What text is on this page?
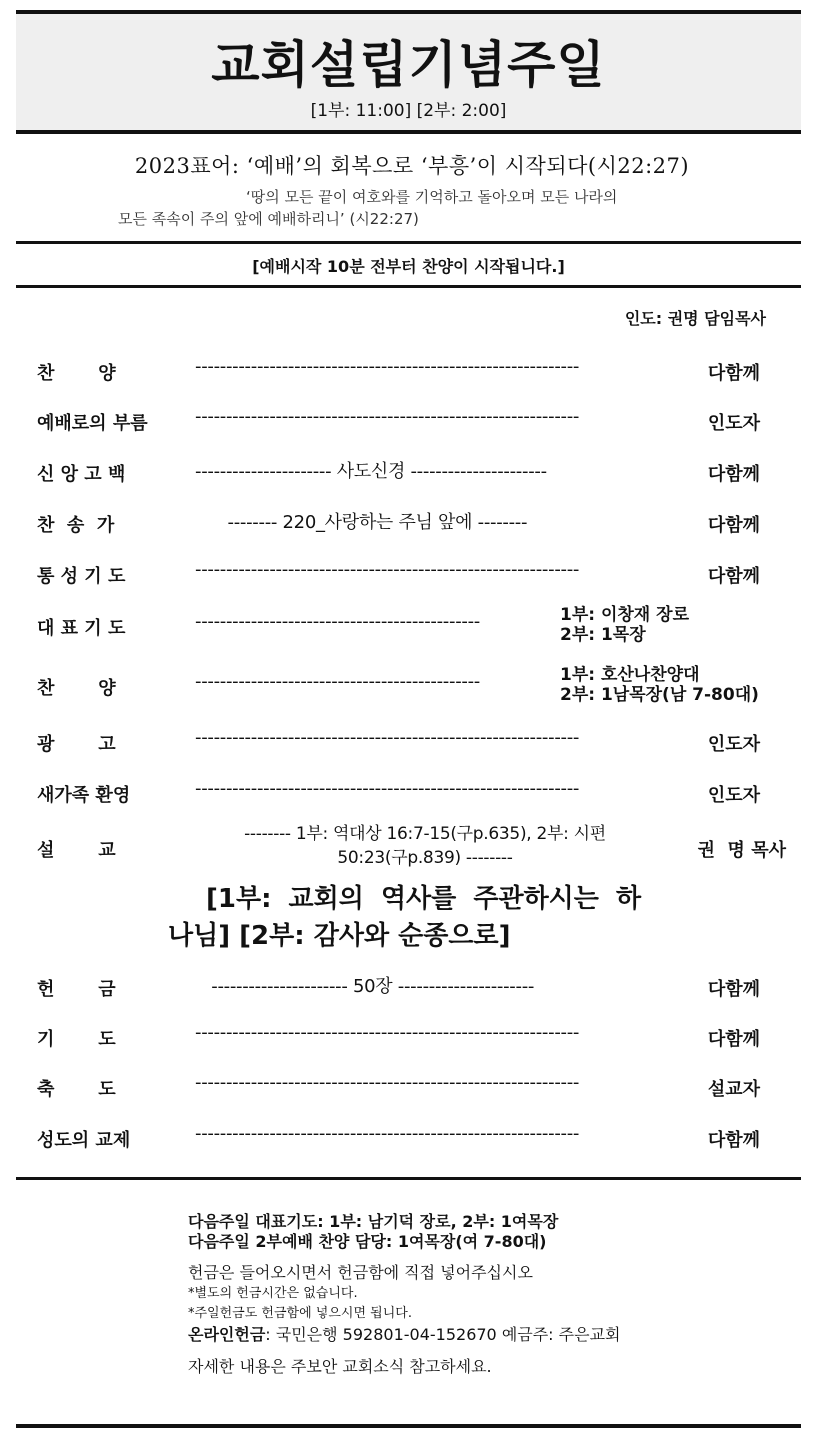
교회설립기념주일
[1부: 11:00] [2부: 2:00]
2023표어: ‘예배’의 회복으로 ‘부흥’이 시작되다(시22:27)
‘땅의 모든 끝이 여호와를 기억하고 돌아오며 모든 나라의
모든 족속이 주의 앞에 예배하리니’ (시22:27)
[예배시작 10분 전부터 찬양이 시작됩니다.]
인도: 권명 담임목사
찬       양	--------------------------------------------------------------	다함께
예배로의 부름	--------------------------------------------------------------	인도자
신 앙 고 백	---------------------- 사도신경 ----------------------	다함께
찬  송  가	-------- 220_사랑하는 주님 앞에 --------	다함께
통 성 기 도	--------------------------------------------------------------	다함께
대 표 기 도	----------------------------------------------	1부: 이창재 장로
2부: 1목장
찬       양	----------------------------------------------	1부: 호산나찬양대
2부: 1남목장(남 7-80대)
광       고	--------------------------------------------------------------	인도자
새가족 환영	--------------------------------------------------------------	인도자
설       교
-------- 1부: 역대상 16:7-15(구p.635), 2부: 시편
50:23(구p.839) --------	권  명 목사
[1부: 교회의 역사를 주관하시는 하
나님] [2부: 감사와 순종으로]
헌       금	---------------------- 50장 ----------------------	다함께
기       도	--------------------------------------------------------------	다함께
축       도	--------------------------------------------------------------	설교자
성도의 교제	--------------------------------------------------------------	다함께
다음주일 대표기도: 1부: 남기덕 장로, 2부: 1여목장
다음주일 2부예배 찬양 담당: 1여목장(여 7-80대)
헌금은 들어오시면서 헌금함에 직접 넣어주십시오
*별도의 헌금시간은 없습니다.
*주일헌금도 헌금함에 넣으시면 됩니다.
온라인헌금: 국민은행 592801-04-152670 예금주: 주은교회
자세한 내용은 주보안 교회소식 참고하세요.
